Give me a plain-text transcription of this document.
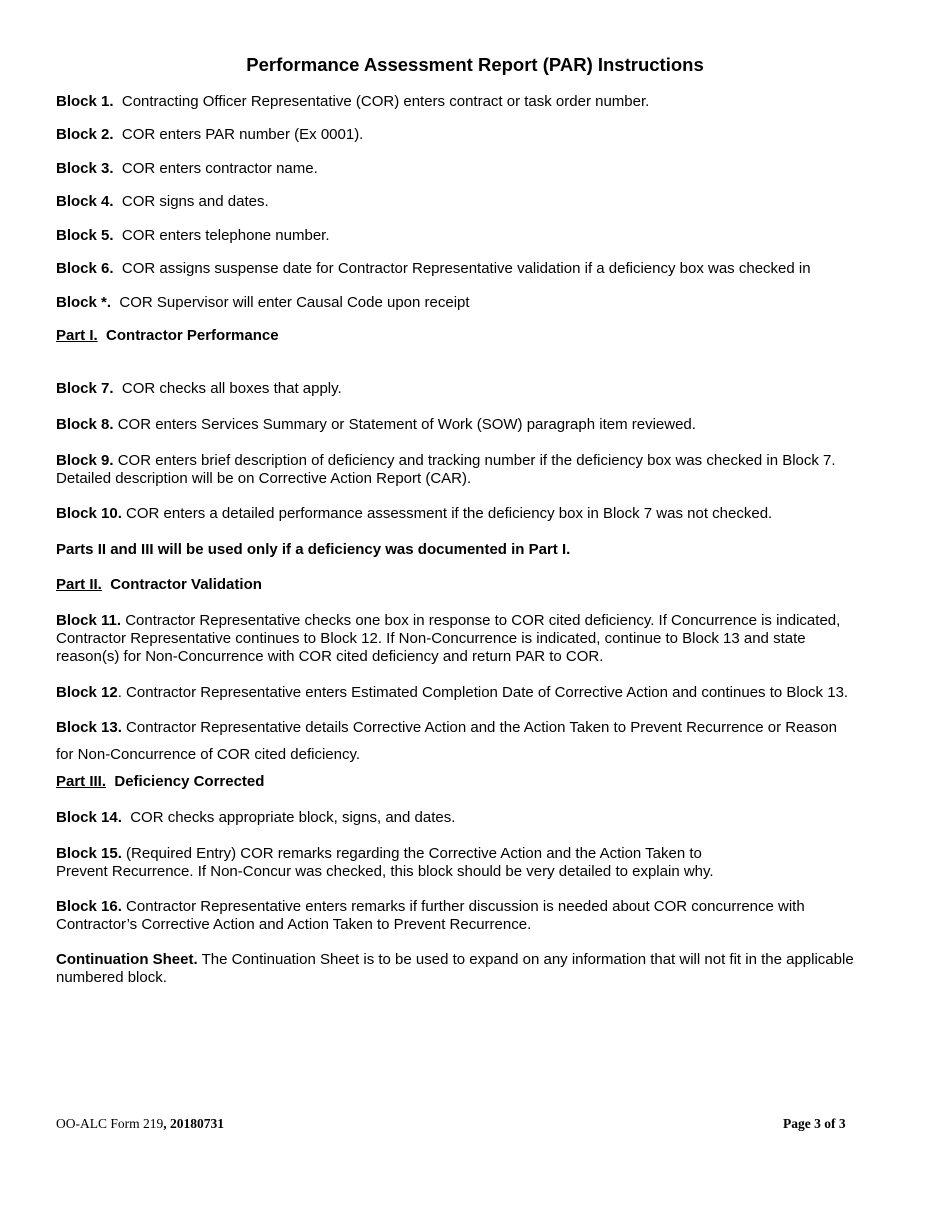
Performance Assessment Report (PAR) Instructions
Block 1. Contracting Officer Representative (COR) enters contract or task order number.
Block 2. COR enters PAR number (Ex 0001).
Block 3. COR enters contractor name.
Block 4. COR signs and dates.
Block 5. COR enters telephone number.
Block 6. COR assigns suspense date for Contractor Representative validation if a deficiency box was checked in
Block *. COR Supervisor will enter Causal Code upon receipt
Part I. Contractor Performance
Block 7. COR checks all boxes that apply.
Block 8. COR enters Services Summary or Statement of Work (SOW) paragraph item reviewed.
Block 9. COR enters brief description of deficiency and tracking number if the deficiency box was checked in Block 7.
Detailed description will be on Corrective Action Report (CAR).
Block 10. COR enters a detailed performance assessment if the deficiency box in Block 7 was not checked.
Parts II and III will be used only if a deficiency was documented in Part I.
Part II. Contractor Validation
Block 11. Contractor Representative checks one box in response to COR cited deficiency. If Concurrence is indicated,
Contractor Representative continues to Block 12. If Non-Concurrence is indicated, continue to Block 13 and state
reason(s) for Non-Concurrence with COR cited deficiency and return PAR to COR.
Block 12. Contractor Representative enters Estimated Completion Date of Corrective Action and continues to Block 13.
Block 13. Contractor Representative details Corrective Action and the Action Taken to Prevent Recurrence or Reason
for Non-Concurrence of COR cited deficiency.
Part III. Deficiency Corrected
Block 14. COR checks appropriate block, signs, and dates.
Block 15. (Required Entry) COR remarks regarding the Corrective Action and the Action Taken to
Prevent Recurrence. If Non-Concur was checked, this block should be very detailed to explain why.
Block 16. Contractor Representative enters remarks if further discussion is needed about COR concurrence with
Contractor’s Corrective Action and Action Taken to Prevent Recurrence.
Continuation Sheet. The Continuation Sheet is to be used to expand on any information that will not fit in the applicable
numbered block.
OO-ALC Form 219, 20180731	Page 3 of 3
